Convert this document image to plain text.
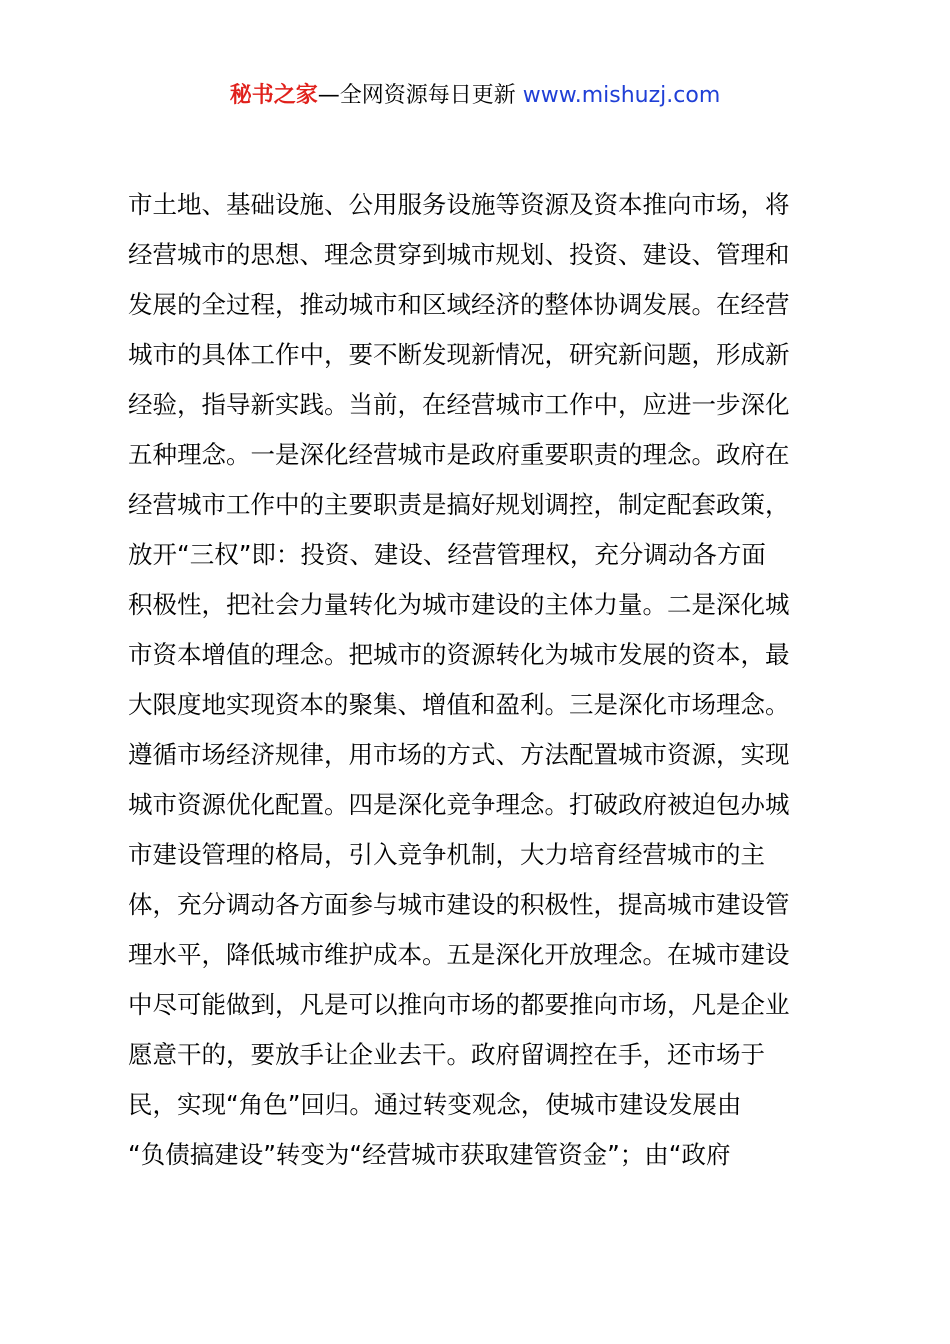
秘书之家—全网资源每日更新 www.mishuzj.com
市土地、基础设施、公用服务设施等资源及资本推向市场，将
经营城市的思想、理念贯穿到城市规划、投资、建设、管理和
发展的全过程，推动城市和区域经济的整体协调发展。在经营
城市的具体工作中，要不断发现新情况，研究新问题，形成新
经验，指导新实践。当前，在经营城市工作中，应进一步深化
五种理念。一是深化经营城市是政府重要职责的理念。政府在
经营城市工作中的主要职责是搞好规划调控，制定配套政策，
放开“三权”即：投资、建设、经营管理权，充分调动各方面
积极性，把社会力量转化为城市建设的主体力量。二是深化城
市资本增值的理念。把城市的资源转化为城市发展的资本，最
大限度地实现资本的聚集、增值和盈利。三是深化市场理念。
遵循市场经济规律，用市场的方式、方法配置城市资源，实现
城市资源优化配置。四是深化竞争理念。打破政府被迫包办城
市建设管理的格局，引入竞争机制，大力培育经营城市的主
体，充分调动各方面参与城市建设的积极性，提高城市建设管
理水平，降低城市维护成本。五是深化开放理念。在城市建设
中尽可能做到，凡是可以推向市场的都要推向市场，凡是企业
愿意干的，要放手让企业去干。政府留调控在手，还市场于
民，实现“角色”回归。通过转变观念，使城市建设发展由
“负债搞建设”转变为“经营城市获取建管资金”；由“政府
